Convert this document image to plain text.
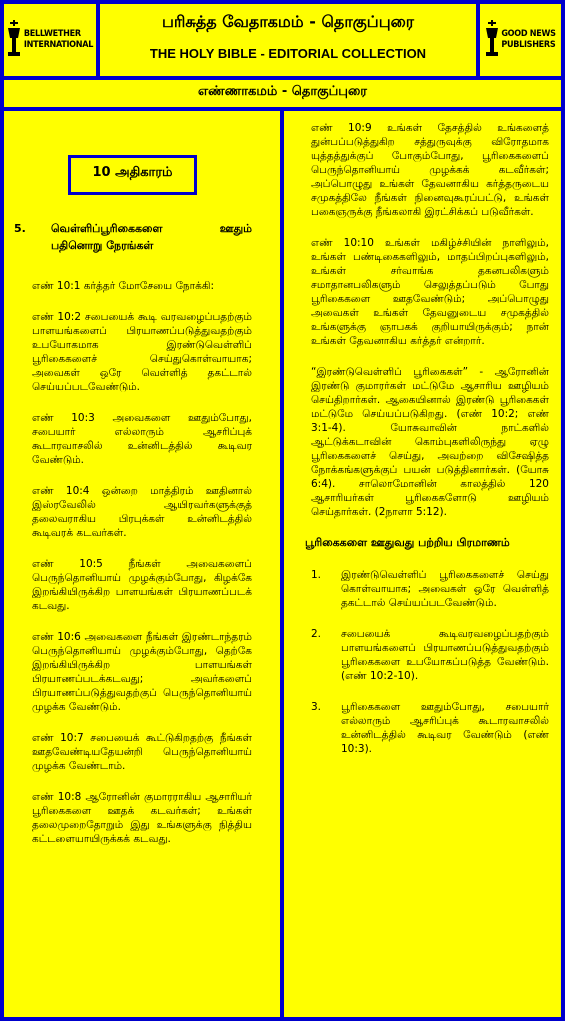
BELLWETHER
INTERNATIONAL
பரிசுத்த வேதாகமம் - தொகுப்புரை
THE HOLY BIBLE - EDITORIAL COLLECTION
GOOD NEWS
PUBLISHERS
எண்ணாகமம் - தொகுப்புரை
10 அதிகாரம்
5.	வெள்ளிப்பூரிகைகளை ஊதும் பதினொறு நேரங்கள்

எண் 10:1 கர்த்தர் மோசேயை நோக்கி:

எண் 10:2 சபையைக் கூடி வரவழைப்பதற்கும் பாளயங்களைப் பிரயாணப்படுத்துவதற்கும் உபயோகமாக இரண்டுவெள்ளிப் பூரிகைகளைச் செய்துகொள்வாயாக; அவைகள் ஒரே வெள்ளித் தகட்டால் செய்யப்படவேண்டும்.

எண் 10:3 அவைகளை ஊதும்போது, சபையார் எல்லாரும் ஆசரிப்புக் கூடாரவாசலில் உன்னிடத்தில் கூடிவர வேண்டும்.

எண் 10:4 ஒன்றை மாத்திரம் ஊதினால் இஸ்ரவேலில் ஆயிரவர்களுக்குத் தலைவராகிய பிரபுக்கள் உன்னிடத்தில் கூடிவரக் கடவர்கள்.

எண் 10:5 நீங்கள் அவைகளைப் பெருந்தொனியாய் முழக்கும்போது, கிழக்கே இறங்கியிருக்கிற பாளயங்கள் பிரயாணப்படக் கடவது.

எண் 10:6 அவைகளை நீங்கள் இரண்டாந்தரம் பெருந்தொனியாய் முழக்கும்போது, தெற்கே இறங்கியிருக்கிற பாளயங்கள் பிரயாணப்படக்கடவது; அவர்களைப் பிரயாணப்படுத்துவதற்குப் பெருந்தொனியாய் முழக்க வேண்டும்.

எண் 10:7 சபையைக் கூட்டுகிறதற்கு நீங்கள் ஊதவேண்டியதேயன்றி பெருந்தொனியாய் முழக்க வேண்டாம்.

எண் 10:8 ஆரோனின் குமாரராகிய ஆசாரியர் பூரிகைகளை ஊதக் கடவர்கள்; உங்கள் தலைமுறைதோறும் இது உங்களுக்கு நித்திய கட்டளையாயிருக்கக் கடவது.

எண் 10:9 உங்கள் தேசத்தில் உங்களைத் துன்பப்படுத்துகிற சத்துருவுக்கு விரோதமாக யுத்தத்துக்குப் போகும்போது, பூரிகைகளைப் பெருந்தொனியாய் முழக்கக் கடவீர்கள்; அப்பொழுது உங்கள் தேவனாகிய கர்த்தருடைய சமுகத்திலே நீங்கள் நினைவுகூரப்பட்டு, உங்கள் பகைஞருக்கு நீங்கலாகி இரட்சிக்கப் படுவீர்கள்.

எண் 10:10 உங்கள் மகிழ்ச்சியின் நாளிலும், உங்கள் பண்டிகைகளிலும், மாதப்பிறப்புகளிலும், உங்கள் சர்வாங்க தகனபலிகளும் சமாதானபலிகளும் செலுத்தப்படும் போது பூரிகைகளை ஊதவேண்டும்; அப்பொழுது அவைகள் உங்கள் தேவனுடைய சமுகத்தில் உங்களுக்கு ஞாபகக் குறியாயிருக்கும்; நான் உங்கள் தேவனாகிய கர்த்தர் என்றார்.

“இரண்டுவெள்ளிப் பூரிகைகள்” - ஆரோனின் இரண்டு குமாரர்கள் மட்டுமே ஆசாரிய ஊழியம் செய்திறார்கள். ஆகையினால் இரண்டு பூரிகைகள் மட்டுமே செய்யப்படுகிறது. (எண் 10:2; எண் 3:1-4). யோசுவாவின் நாட்களில் ஆட்டுக்கடாவின் கொம்புகளிலிருந்து ஏழு பூரிகைகளைச் செய்து, அவற்றை விசேஷித்த நோக்கங்களுக்குப் பயன் படுத்தினார்கள். (யோசு 6:4). சாலொமோனின் காலத்தில் 120 ஆசாரியர்கள் பூரிகைகளோடு ஊழியம் செய்தார்கள். (2நாளா 5:12).

பூரிகைகளை ஊதுவது பற்றிய பிரமாணம்
1.	இரண்டுவெள்ளிப் பூரிகைகளைச் செய்து கொள்வாயாக; அவைகள் ஒரே வெள்ளித் தகட்டால் செய்யப்படவேண்டும்.
2.	சபையைக் கூடிவரவழைப்பதற்கும் பாளயங்களைப் பிரயாணப்படுத்துவதற்கும் பூரிகைகளை உபயோகப்படுத்த வேண்டும். (எண் 10:2-10).
3.	பூரிகைகளை ஊதும்போது, சபையார் எல்லாரும் ஆசரிப்புக் கூடாரவாசலில் உன்னிடத்தில் கூடிவர வேண்டும் (எண் 10:3).
